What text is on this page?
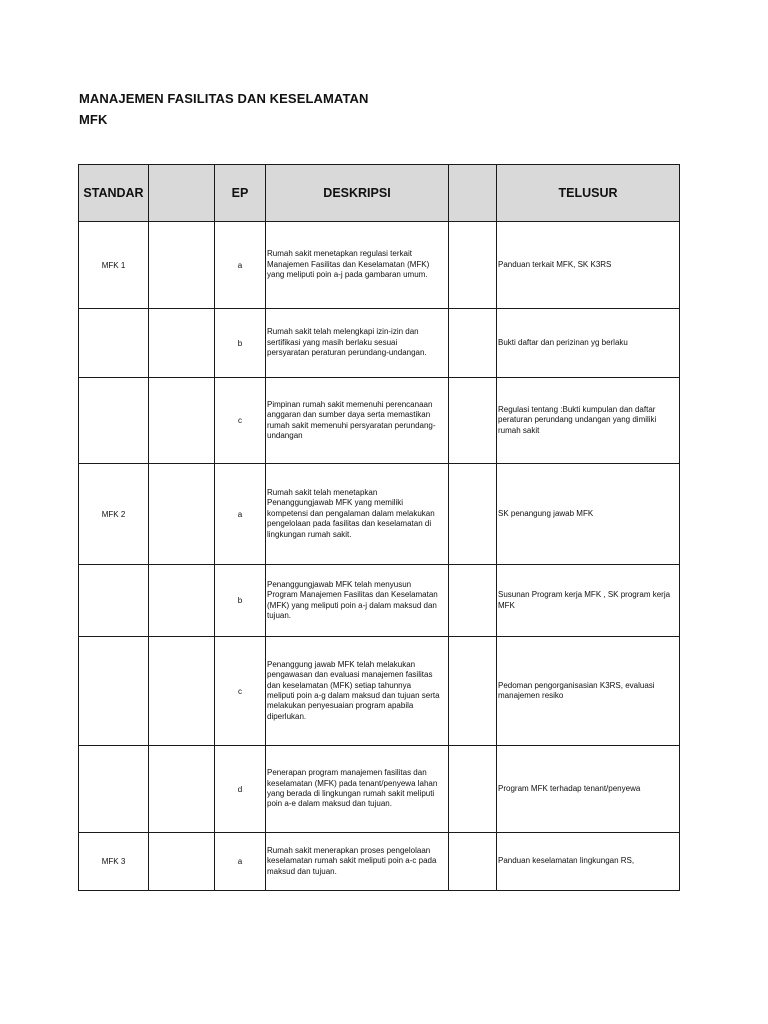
MANAJEMEN FASILITAS DAN KESELAMATAN
MFK
STANDAR		EP	DESKRIPSI		TELUSUR
MFK 1		a	Rumah sakit menetapkan regulasi terkait Manajemen Fasilitas dan Keselamatan (MFK) yang meliputi poin a-j pada gambaran umum.		Panduan terkait MFK, SK K3RS

		b	Rumah sakit telah melengkapi izin-izin dan sertifikasi yang masih berlaku sesuai persyaratan peraturan perundang-undangan.		Bukti daftar dan perizinan yg berlaku

		c	Pimpinan rumah sakit memenuhi perencanaan anggaran dan sumber daya serta memastikan rumah sakit memenuhi persyaratan perundang-undangan		Regulasi tentang :Bukti kumpulan dan daftar peraturan perundang undangan yang dimiliki rumah sakit

MFK 2		a	Rumah sakit telah menetapkan Penanggungjawab MFK yang memiliki kompetensi dan pengalaman dalam melakukan pengelolaan pada fasilitas dan keselamatan di lingkungan rumah sakit.		SK penangung jawab MFK

		b	Penanggungjawab MFK telah menyusun Program Manajemen Fasilitas dan Keselamatan (MFK) yang meliputi poin a-j dalam maksud dan tujuan.		Susunan Program kerja MFK , SK program kerja MFK

		c	Penanggung jawab MFK telah melakukan pengawasan dan evaluasi manajemen fasilitas dan keselamatan (MFK) setiap tahunnya meliputi poin a-g dalam maksud dan tujuan serta melakukan penyesuaian program apabila diperlukan.		Pedoman pengorganisasian K3RS, evaluasi manajemen resiko

		d	Penerapan program manajemen fasilitas dan keselamatan (MFK) pada tenant/penyewa lahan yang berada di lingkungan rumah sakit meliputi poin a-e dalam maksud dan tujuan.		Program MFK terhadap tenant/penyewa

MFK 3		a	Rumah sakit menerapkan proses pengelolaan keselamatan rumah sakit meliputi poin a-c pada maksud dan tujuan.		Panduan keselamatan lingkungan RS,
